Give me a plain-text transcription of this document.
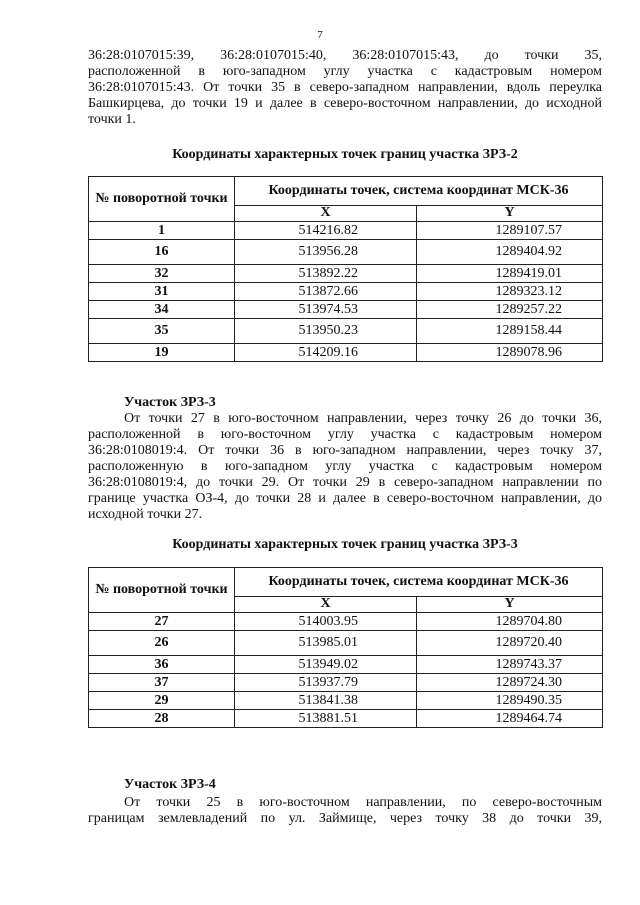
7
36:28:0107015:39, 36:28:0107015:40, 36:28:0107015:43, до точки 35,
расположенной в юго-западном углу участка с кадастровым номером
36:28:0107015:43. От точки 35 в северо-западном направлении, вдоль переулка
Башкирцева, до точки 19 и далее в северо-восточном направлении, до исходной
точки 1.
Координаты характерных точек границ участка ЗРЗ-2
№ поворотной точки	Координаты точек, система координат МСК-36	
	X	Y
1	514216.82	1289107.57
16	513956.28	1289404.92
32	513892.22	1289419.01
31	513872.66	1289323.12
34	513974.53	1289257.22
35	513950.23	1289158.44
19	514209.16	1289078.96
Участок ЗРЗ-3
От точки 27 в юго-восточном направлении, через точку 26 до точки 36,
расположенной в юго-восточном углу участка с кадастровым номером
36:28:0108019:4. От точки 36 в юго-западном направлении, через точку 37,
расположенную в юго-западном углу участка с кадастровым номером
36:28:0108019:4, до точки 29. От точки 29 в северо-западном направлении по
границе участка ОЗ-4, до точки 28 и далее в северо-восточном направлении, до
исходной точки 27.
Координаты характерных точек границ участка ЗРЗ-3
№ поворотной точки	Координаты точек, система координат МСК-36	
	X	Y
27	514003.95	1289704.80
26	513985.01	1289720.40
36	513949.02	1289743.37
37	513937.79	1289724.30
29	513841.38	1289490.35
28	513881.51	1289464.74
Участок ЗРЗ-4
От точки 25 в юго-восточном направлении, по северо-восточным
границам землевладений по ул. Займище, через точку 38 до точки 39,
